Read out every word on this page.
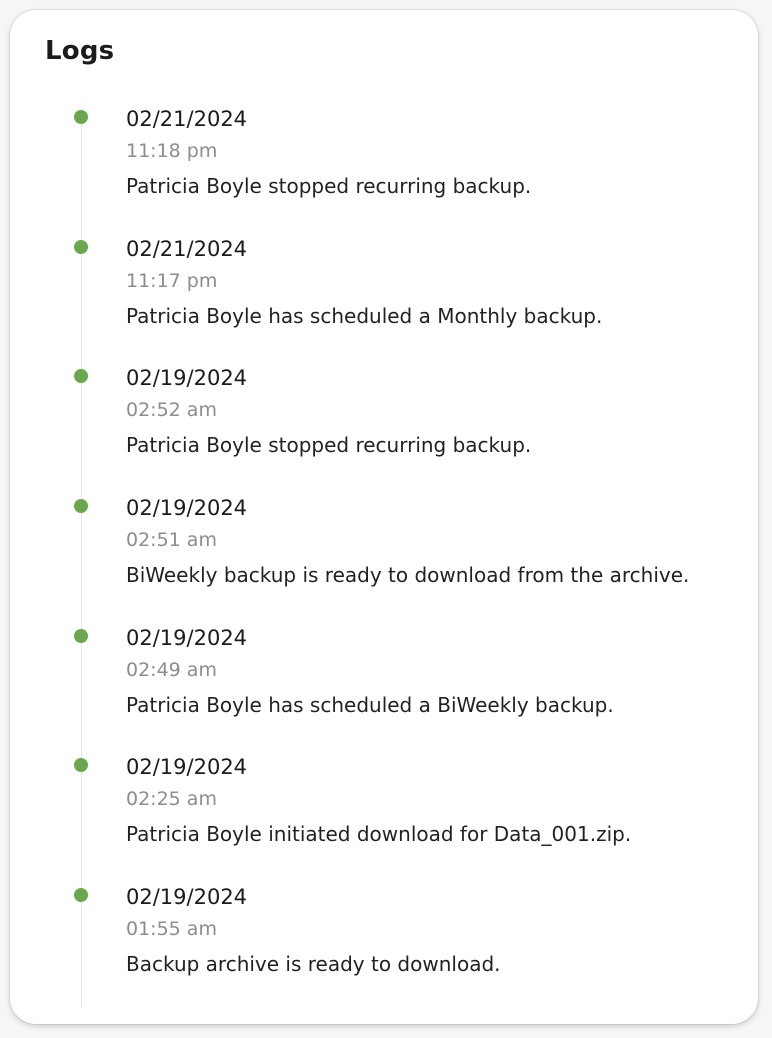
Logs
02/21/2024
11:18 pm
Patricia Boyle stopped recurring backup.
02/21/2024
11:17 pm
Patricia Boyle has scheduled a Monthly backup.
02/19/2024
02:52 am
Patricia Boyle stopped recurring backup.
02/19/2024
02:51 am
BiWeekly backup is ready to download from the archive.
02/19/2024
02:49 am
Patricia Boyle has scheduled a BiWeekly backup.
02/19/2024
02:25 am
Patricia Boyle initiated download for Data_001.zip.
02/19/2024
01:55 am
Backup archive is ready to download.
